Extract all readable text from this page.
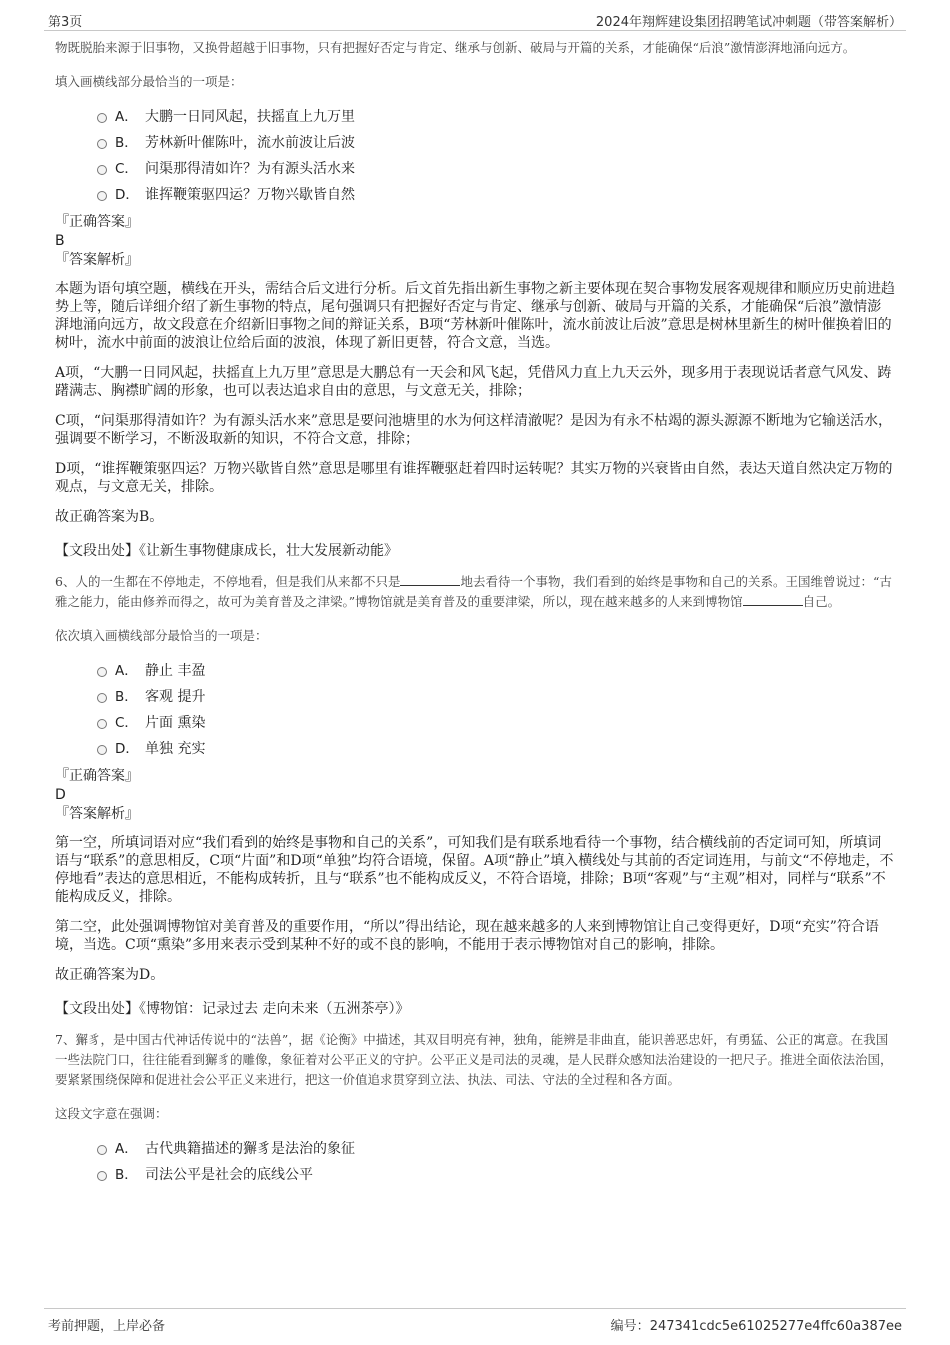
第3页	2024年翔辉建设集团招聘笔试冲刺题（带答案解析）

物既脱胎来源于旧事物，又换骨超越于旧事物，只有把握好否定与肯定、继承与创新、破局与开篇的关系，才能确保“后浪”激情澎湃地涌向远方。

填入画横线部分最恰当的一项是：

A． 大鹏一日同风起，扶摇直上九万里
B． 芳林新叶催陈叶，流水前波让后波
C． 问渠那得清如许？为有源头活水来
D． 谁挥鞭策驱四运？万物兴歇皆自然

『正确答案』

B

『答案解析』

本题为语句填空题，横线在开头，需结合后文进行分析。后文首先指出新生事物之新主要体现在契合事物发展客观规律和顺应历史前进趋势上等，随后详细介绍了新生事物的特点，尾句强调只有把握好否定与肯定、继承与创新、破局与开篇的关系，才能确保“后浪”激情澎湃地涌向远方，故文段意在介绍新旧事物之间的辩证关系，B项“芳林新叶催陈叶，流水前波让后波”意思是树林里新生的树叶催换着旧的树叶，流水中前面的波浪让位给后面的波浪，体现了新旧更替，符合文意，当选。

A项，“大鹏一日同风起，扶摇直上九万里”意思是大鹏总有一天会和风飞起，凭借风力直上九天云外，现多用于表现说话者意气风发、踌躇满志、胸襟旷阔的形象，也可以表达追求自由的意思，与文意无关，排除；

C项，“问渠那得清如许？为有源头活水来”意思是要问池塘里的水为何这样清澈呢？是因为有永不枯竭的源头源源不断地为它输送活水，强调要不断学习，不断汲取新的知识，不符合文意，排除；

D项，“谁挥鞭策驱四运？万物兴歇皆自然”意思是哪里有谁挥鞭驱赶着四时运转呢？其实万物的兴衰皆由自然，表达天道自然决定万物的观点，与文意无关，排除。

故正确答案为B。

【文段出处】《让新生事物健康成长，壮大发展新动能》

6、人的一生都在不停地走，不停地看，但是我们从来都不只是	地去看待一个事物，我们看到的始终是事物和自己的关系。王国维曾说过：“古雅之能力，能由修养而得之，故可为美育普及之津梁。”博物馆就是美育普及的重要津梁，所以，现在越来越多的人来到博物馆	自己。

依次填入画横线部分最恰当的一项是：

A． 静止 丰盈
B． 客观 提升
C． 片面 熏染
D． 单独 充实

『正确答案』

D

『答案解析』

第一空，所填词语对应“我们看到的始终是事物和自己的关系”，可知我们是有联系地看待一个事物，结合横线前的否定词可知，所填词语与“联系”的意思相反，C项“片面”和D项“单独”均符合语境，保留。A项“静止”填入横线处与其前的否定词连用，与前文“不停地走，不停地看”表达的意思相近，不能构成转折，且与“联系”也不能构成反义，不符合语境，排除；B项“客观”与“主观”相对，同样与“联系”不能构成反义，排除。

第二空，此处强调博物馆对美育普及的重要作用，“所以”得出结论，现在越来越多的人来到博物馆让自己变得更好，D项“充实”符合语境，当选。C项“熏染”多用来表示受到某种不好的或不良的影响，不能用于表示博物馆对自己的影响，排除。

故正确答案为D。

【文段出处】《博物馆：记录过去 走向未来（五洲茶亭）》

7、獬豸，是中国古代神话传说中的“法兽”，据《论衡》中描述，其双目明亮有神，独角，能辨是非曲直，能识善恶忠奸，有勇猛、公正的寓意。在我国一些法院门口，往往能看到獬豸的雕像，象征着对公平正义的守护。公平正义是司法的灵魂，是人民群众感知法治建设的一把尺子。推进全面依法治国，要紧紧围绕保障和促进社会公平正义来进行，把这一价值追求贯穿到立法、执法、司法、守法的全过程和各方面。

这段文字意在强调：

A． 古代典籍描述的獬豸是法治的象征
B． 司法公平是社会的底线公平
考前押题，上岸必备	编号：247341cdc5e61025277e4ffc60a387ee
